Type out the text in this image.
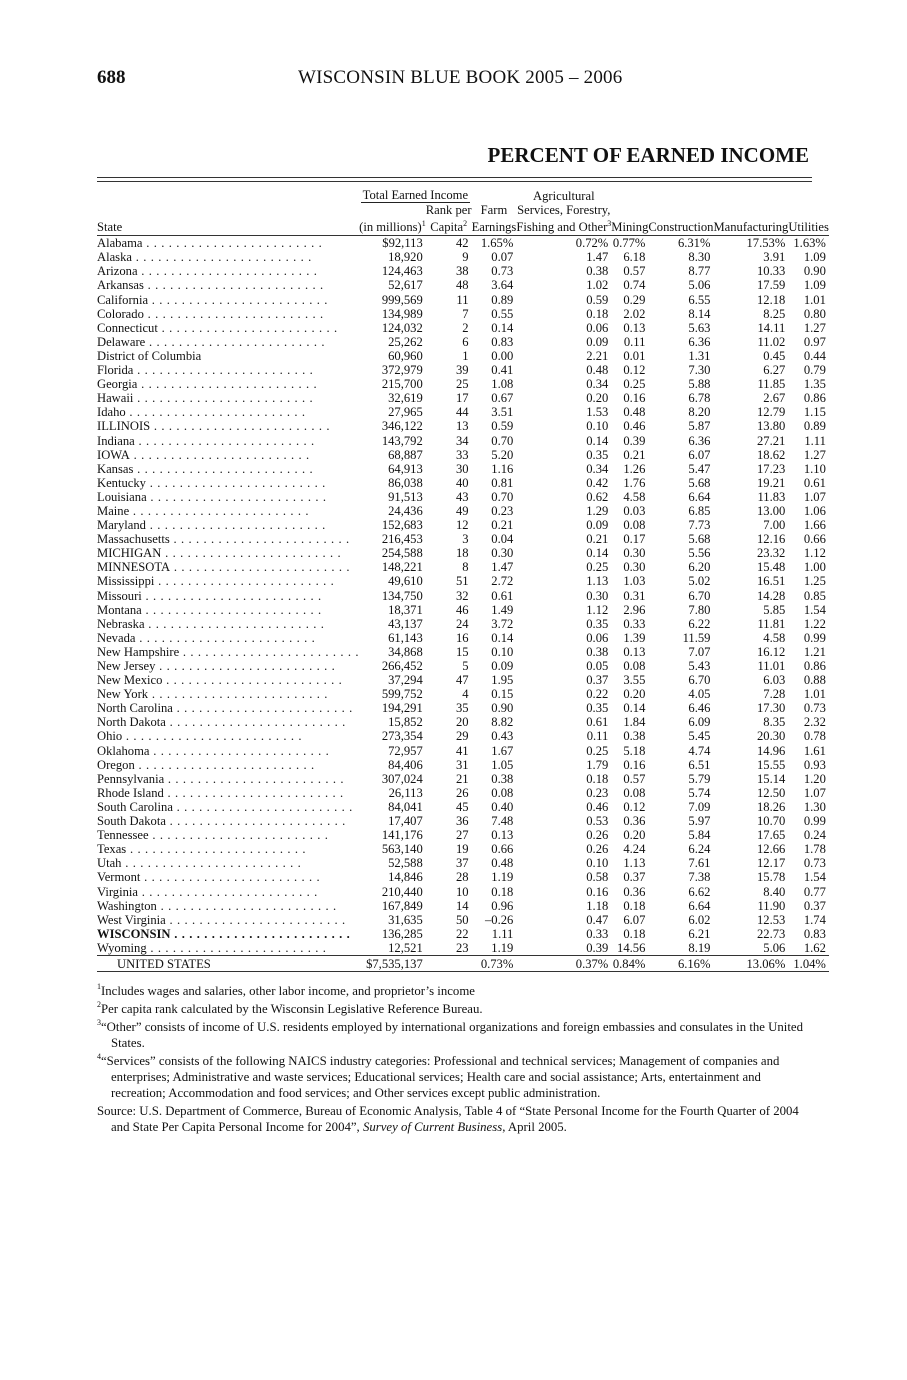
688	WISCONSIN BLUE BOOK 2005 – 2006
PERCENT OF EARNED INCOME
	Total Earned Income			Agricultural				
		Rank per	Farm	Services, Forestry,				
State	(in millions)$^1$	Capita$^2$	Earnings	Fishing and Other$^3$	Mining	Construction	Manufacturing	Utilities

Alabama . . .	$92,113	42	1.65%	0.72%	0.77%	6.31%	17.53%	1.63%

Alaska . . .	18,920	9	0.07	1.47	6.18	8.30	3.91	1.09

Arizona . . .	124,463	38	0.73	0.38	0.57	8.77	10.33	0.90

Arkansas . . .	52,617	48	3.64	1.02	0.74	5.06	17.59	1.09

California . . .	999,569	11	0.89	0.59	0.29	6.55	12.18	1.01

Colorado . . .	134,989	7	0.55	0.18	2.02	8.14	8.25	0.80

Connecticut . . .	124,032	2	0.14	0.06	0.13	5.63	14.11	1.27

Delaware . . .	25,262	6	0.83	0.09	0.11	6.36	11.02	0.97

District of Columbia	60,960	1	0.00	2.21	0.01	1.31	0.45	0.44

Florida . . .	372,979	39	0.41	0.48	0.12	7.30	6.27	0.79

Georgia . . .	215,700	25	1.08	0.34	0.25	5.88	11.85	1.35

Hawaii . . .	32,619	17	0.67	0.20	0.16	6.78	2.67	0.86

Idaho . . .	27,965	44	3.51	1.53	0.48	8.20	12.79	1.15

ILLINOIS . . .	346,122	13	0.59	0.10	0.46	5.87	13.80	0.89

Indiana . . .	143,792	34	0.70	0.14	0.39	6.36	27.21	1.11

IOWA . . .	68,887	33	5.20	0.35	0.21	6.07	18.62	1.27

Kansas . . .	64,913	30	1.16	0.34	1.26	5.47	17.23	1.10

Kentucky . . .	86,038	40	0.81	0.42	1.76	5.68	19.21	0.61

Louisiana . . .	91,513	43	0.70	0.62	4.58	6.64	11.83	1.07

Maine . . .	24,436	49	0.23	1.29	0.03	6.85	13.00	1.06

Maryland . . .	152,683	12	0.21	0.09	0.08	7.73	7.00	1.66

Massachusetts . . .	216,453	3	0.04	0.21	0.17	5.68	12.16	0.66

MICHIGAN . . .	254,588	18	0.30	0.14	0.30	5.56	23.32	1.12

MINNESOTA . . .	148,221	8	1.47	0.25	0.30	6.20	15.48	1.00

Mississippi . . .	49,610	51	2.72	1.13	1.03	5.02	16.51	1.25

Missouri . . .	134,750	32	0.61	0.30	0.31	6.70	14.28	0.85

Montana . . .	18,371	46	1.49	1.12	2.96	7.80	5.85	1.54

Nebraska . . .	43,137	24	3.72	0.35	0.33	6.22	11.81	1.22

Nevada . . .	61,143	16	0.14	0.06	1.39	11.59	4.58	0.99

New Hampshire . . .	34,868	15	0.10	0.38	0.13	7.07	16.12	1.21

New Jersey . . .	266,452	5	0.09	0.05	0.08	5.43	11.01	0.86

New Mexico . . .	37,294	47	1.95	0.37	3.55	6.70	6.03	0.88

New York . . .	599,752	4	0.15	0.22	0.20	4.05	7.28	1.01

North Carolina . . .	194,291	35	0.90	0.35	0.14	6.46	17.30	0.73

North Dakota . . .	15,852	20	8.82	0.61	1.84	6.09	8.35	2.32

Ohio . . .	273,354	29	0.43	0.11	0.38	5.45	20.30	0.78

Oklahoma . . .	72,957	41	1.67	0.25	5.18	4.74	14.96	1.61

Oregon . . .	84,406	31	1.05	1.79	0.16	6.51	15.55	0.93

Pennsylvania . . .	307,024	21	0.38	0.18	0.57	5.79	15.14	1.20

Rhode Island . . .	26,113	26	0.08	0.23	0.08	5.74	12.50	1.07

South Carolina . . .	84,041	45	0.40	0.46	0.12	7.09	18.26	1.30

South Dakota . . .	17,407	36	7.48	0.53	0.36	5.97	10.70	0.99

Tennessee . . .	141,176	27	0.13	0.26	0.20	5.84	17.65	0.24

Texas . . .	563,140	19	0.66	0.26	4.24	6.24	12.66	1.78

Utah . . .	52,588	37	0.48	0.10	1.13	7.61	12.17	0.73

Vermont . . .	14,846	28	1.19	0.58	0.37	7.38	15.78	1.54

Virginia . . .	210,440	10	0.18	0.16	0.36	6.62	8.40	0.77

Washington . . .	167,849	14	0.96	1.18	0.18	6.64	11.90	0.37

West Virginia . . .	31,635	50	–0.26	0.47	6.07	6.02	12.53	1.74

WISCONSIN . . .	136,285	22	1.11	0.33	0.18	6.21	22.73	0.83

Wyoming . . .	12,521	23	1.19	0.39	14.56	8.19	5.06	1.62
UNITED STATES	$7,535,137		0.73%	0.37%	0.84%	6.16%	13.06%	1.04%

$^1$Includes wages and salaries, other labor income, and proprietor’s income

$^2$Per capita rank calculated by the Wisconsin Legislative Reference Bureau.

$^3$“Other” consists of income of U.S. residents employed by international organizations and foreign embassies and consulates in the United States.

$^4$“Services” consists of the following NAICS industry categories: Professional and technical services; Management of companies and enterprises; Administrative and waste services; Educational services; Health care and social assistance; Arts, entertainment and recreation; Accommodation and food services; and Other services except public administration.

Source: U.S. Department of Commerce, Bureau of Economic Analysis, Table 4 of “State Personal Income for the Fourth Quarter of 2004 and State Per Capita Personal Income for 2004”, Survey of Current Business, April 2005.
